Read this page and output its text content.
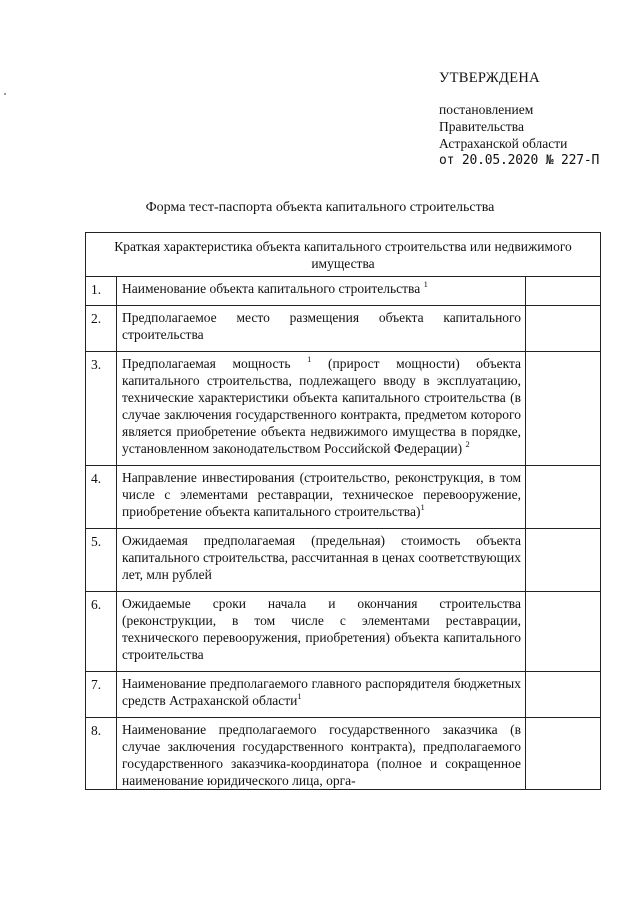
УТВЕРЖДЕНА
постановлением
Правительства
Астраханской области
от 20.05.2020 № 227-П
Форма тест-паспорта объекта капитального строительства
Краткая характеристика объекта капитального строительства или недвижимого имущества		
1.	Наименование объекта капитального строительства $^1$	
2.	Предполагаемое место размещения объекта капитального строительства	
3.	Предполагаемая мощность $^1$ (прирост мощности) объекта капитального строительства, подлежащего вводу в эксплуатацию, технические характеристики объекта капитального строительства (в случае заключения государственного контракта, предметом которого является приобретение объекта недвижимого имущества в порядке, установленном законодательством Российской Федерации) $^2$	
4.	Направление инвестирования (строительство, реконструкция, в том числе с элементами реставрации, техническое перевооружение, приобретение объекта капитального строительства)$^1$	
5.	Ожидаемая предполагаемая (предельная) стоимость объекта капитального строительства, рассчитанная в ценах соответствующих лет, млн рублей	
6.	Ожидаемые сроки начала и окончания строительства (реконструкции, в том числе с элементами реставрации, технического перевооружения, приобретения) объекта капитального строительства	
7.	Наименование предполагаемого главного распорядителя бюджетных средств Астраханской области$^1$	
8.	Наименование предполагаемого государственного заказчика (в случае заключения государственного контракта), предполагаемого государственного заказчика-координатора (полное и сокращенное наименование юридического лица, орга-	
